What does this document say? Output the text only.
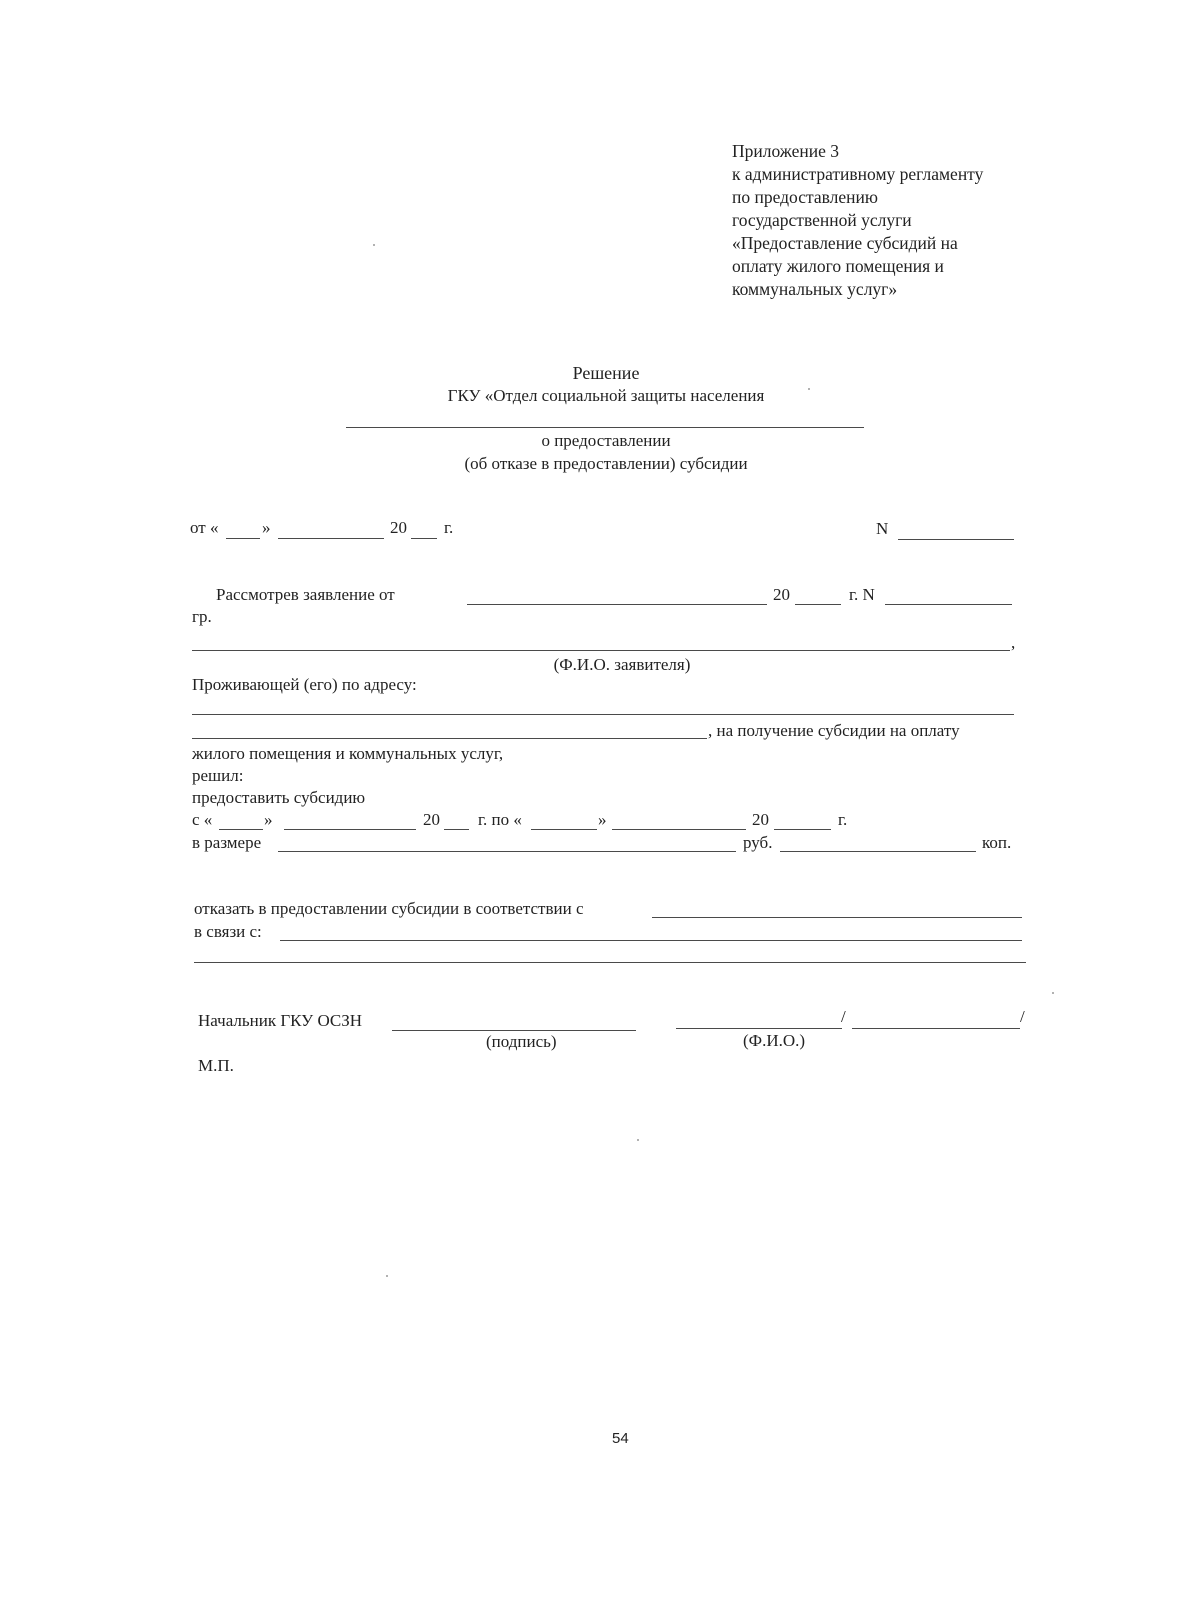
Приложение 3
к административному регламенту
по предоставлению
государственной услуги
«Предоставление субсидий на
оплату жилого помещения и
коммунальных услуг»
Решение
ГКУ «Отдел социальной защиты населения
о предоставлении
(об отказе в предоставлении) субсидии
от «	»	20 г.	N
Рассмотрев заявление от	20	г. N
гр.
,
(Ф.И.О. заявителя)
Проживающей (его) по адресу:
, на получение субсидии на оплату
жилого помещения и коммунальных услуг,
решил:
предоставить субсидию
с «	»	20 г. по «	»	20	г.
в размере	руб.	коп.
отказать в предоставлении субсидии в соответствии с
в связи с:
Начальник ГКУ ОСЗН	/	/
(подпись)	(Ф.И.О.)
М.П.
54
